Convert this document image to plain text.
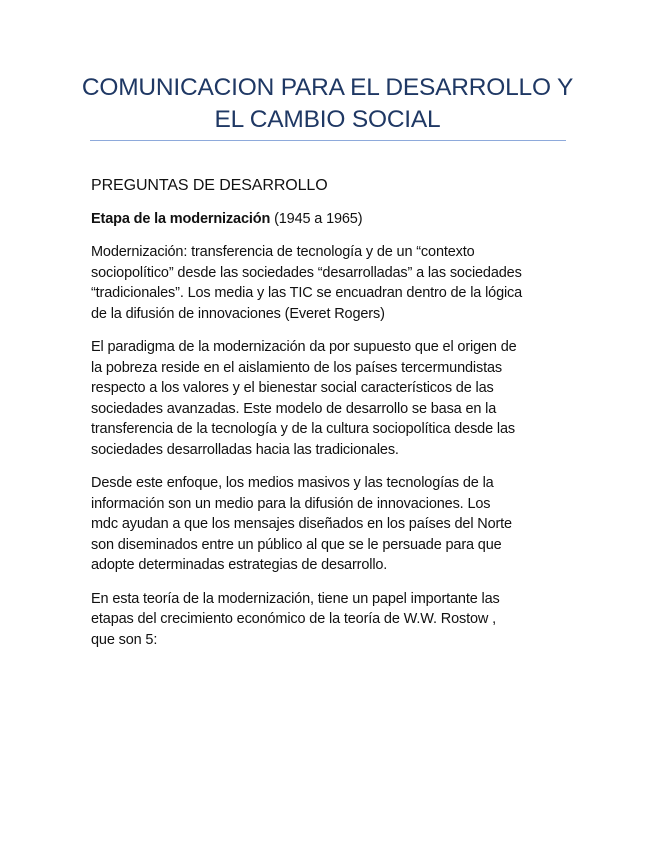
COMUNICACION PARA EL DESARROLLO Y
EL CAMBIO SOCIAL
PREGUNTAS DE DESARROLLO
Etapa de la modernización (1945 a 1965)
Modernización: transferencia de tecnología y de un “contexto
sociopolítico” desde las sociedades “desarrolladas” a las sociedades
“tradicionales”. Los media y las TIC se encuadran dentro de la lógica
de la difusión de innovaciones (Everet Rogers)
El paradigma de la modernización da por supuesto que el origen de
la pobreza reside en el aislamiento de los países tercermundistas
respecto a los valores y el bienestar social característicos de las
sociedades avanzadas. Este modelo de desarrollo se basa en la
transferencia de la tecnología y de la cultura sociopolítica desde las
sociedades desarrolladas hacia las tradicionales.
Desde este enfoque, los medios masivos y las tecnologías de la
información son un medio para la difusión de innovaciones. Los
mdc ayudan a que los mensajes diseñados en los países del Norte
son diseminados entre un público al que se le persuade para que
adopte determinadas estrategias de desarrollo.
En esta teoría de la modernización, tiene un papel importante las
etapas del crecimiento económico de la teoría de W.W. Rostow ,
que son 5:
